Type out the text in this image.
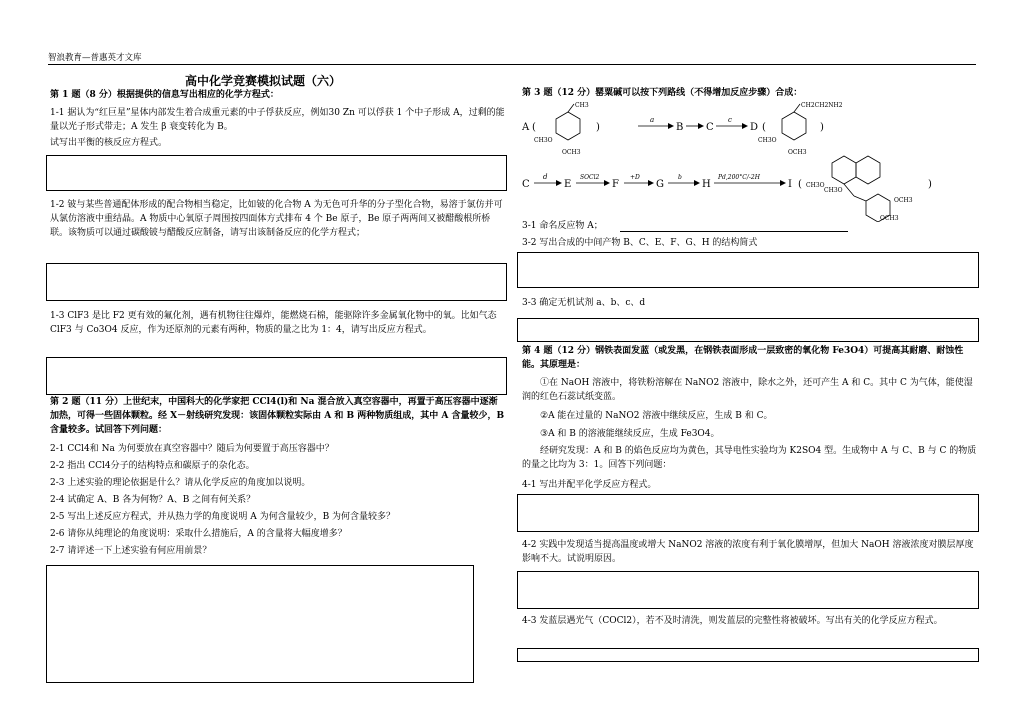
智浪教育—普惠英才文库
高中化学竞赛模拟试题（六）
第 1 题（8 分）根据提供的信息写出相应的化学方程式：
1-1 据认为“红巨星”星体内部发生着合成重元素的中子俘获反应，例如30 Zn 可以俘获 1 个中子形成 A，过剩的能量以光子形式带走；A 发生 β 衰变转化为 B。
试写出平衡的核反应方程式。
1-2 铍与某些普通配体形成的配合物相当稳定，比如铍的化合物 A 为无色可升华的分子型化合物，易溶于氯仿并可从氯仿溶液中重结晶。A 物质中心氧原子周围按四面体方式排布 4 个 Be 原子，Be 原子两两间又被醋酸根所桥联。该物质可以通过碳酸铍与醋酸反应制备，请写出该制备反应的化学方程式；
1-3 ClF3 是比 F2 更有效的氟化剂，遇有机物往往爆炸，能燃烧石棉，能驱除许多金属氧化物中的氧。比如气态 ClF3 与 Co3O4 反应，作为还原剂的元素有两种，物质的量之比为 1：4，请写出反应方程式。
第 2 题（11 分）上世纪末，中国科大的化学家把 CCl4(l)和 Na 混合放入真空容器中，再置于高压容器中逐渐加热，可得一些固体颗粒。经 X－射线研究发现：该固体颗粒实际由 A 和 B 两种物质组成，其中 A 含量较少，B 含量较多。试回答下列问题：
2-1 CCl4和 Na 为何要放在真空容器中？随后为何要置于高压容器中？
2-2 指出 CCl4分子的结构特点和碳原子的杂化态。
2-3 上述实验的理论依据是什么？请从化学反应的角度加以说明。
2-4 试确定 A、B 各为何物？A、B 之间有何关系？
2-5 写出上述反应方程式，并从热力学的角度说明 A 为何含量较少，B 为何含量较多？
2-6 请你从纯理论的角度说明：采取什么措施后，A 的含量将大幅度增多？
2-7 请评述一下上述实验有何应用前景？
第 3 题（12 分）罂粟碱可以按下列路线（不得增加反应步骤）合成：
A (
CH3
CH3O
OCH3
)
a
B C
c
D (
CH2CH2NH2
CH3O
OCH3
)
C
d
E
SOCl2
F
+D
G
b
H
Pd,200°C/-2H
I ( CH3O
CH3O
OCH3
OCH3
)
3-1 命名反应物 A；
3-2 写出合成的中间产物 B、C、E、F、G、H 的结构简式
3-3 确定无机试剂 a、b、c、d
第 4 题（12 分）钢铁表面发蓝（或发黑，在钢铁表面形成一层致密的氧化物 Fe3O4）可提高其耐磨、耐蚀性能。其原理是：
①在 NaOH 溶液中，将铁粉溶解在 NaNO2 溶液中，除水之外，还可产生 A 和 C。其中 C 为气体，能使湿润的红色石蕊试纸变蓝。
②A 能在过量的 NaNO2 溶液中继续反应，生成 B 和 C。
③A 和 B 的溶液能继续反应，生成 Fe3O4。
经研究发现：A 和 B 的焰色反应均为黄色，其导电性实验均为 K2SO4 型。生成物中 A 与 C、B 与 C 的物质的量之比均为 3：1。回答下列问题：
4-1 写出并配平化学反应方程式。
4-2 实践中发现适当提高温度或增大 NaNO2 溶液的浓度有利于氧化膜增厚，但加大 NaOH 溶液浓度对膜层厚度影响不大。试说明原因。
4-3 发蓝层遇光气（COCl2），若不及时清洗，则发蓝层的完整性将被破坏。写出有关的化学反应方程式。
